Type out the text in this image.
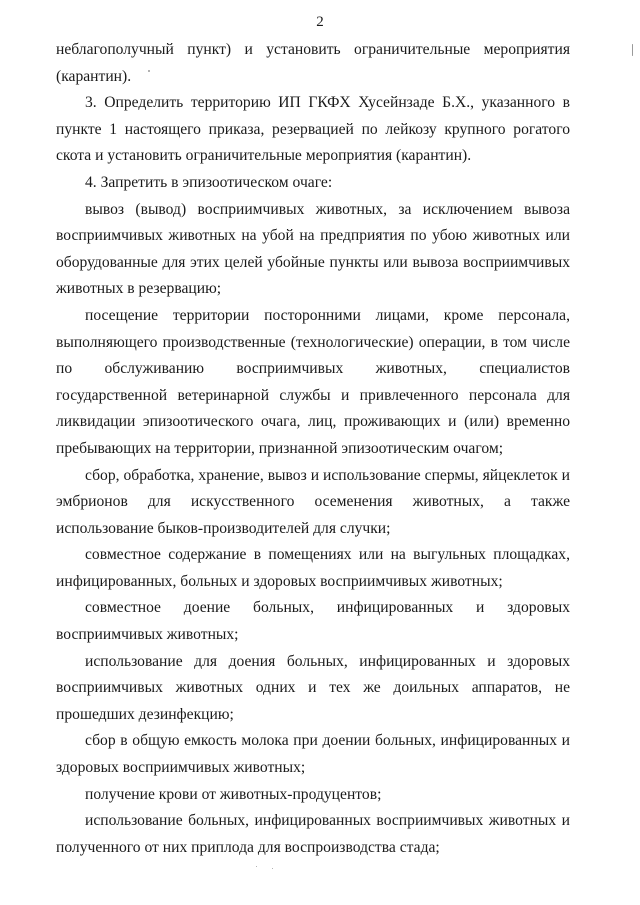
2

неблагополучный пункт) и установить ограничительные мероприятия (карантин).

3. Определить территорию ИП ГКФХ Хусейнзаде Б.Х., указанного в пункте 1 настоящего приказа, резервацией по лейкозу крупного рогатого скота и установить ограничительные мероприятия (карантин).

4. Запретить в эпизоотическом очаге:

вывоз (вывод) восприимчивых животных, за исключением вывоза восприимчивых животных на убой на предприятия по убою животных или оборудованные для этих целей убойные пункты или вывоза восприимчивых животных в резервацию;

посещение территории посторонними лицами, кроме персонала, выполняющего производственные (технологические) операции, в том числе по обслуживанию восприимчивых животных, специалистов государственной ветеринарной службы и привлеченного персонала для ликвидации эпизоотического очага, лиц, проживающих и (или) временно пребывающих на территории, признанной эпизоотическим очагом;

сбор, обработка, хранение, вывоз и использование спермы, яйцеклеток и эмбрионов для искусственного осеменения животных, а также использование быков-производителей для случки;

совместное содержание в помещениях или на выгульных площадках, инфицированных, больных и здоровых восприимчивых животных;

совместное доение больных, инфицированных и здоровых восприимчивых животных;

использование для доения больных, инфицированных и здоровых восприимчивых животных одних и тех же доильных аппаратов, не прошедших дезинфекцию;

сбор в общую емкость молока при доении больных, инфицированных и здоровых восприимчивых животных;

получение крови от животных-продуцентов;

использование больных, инфицированных восприимчивых животных и полученного от них приплода для воспроизводства стада;
